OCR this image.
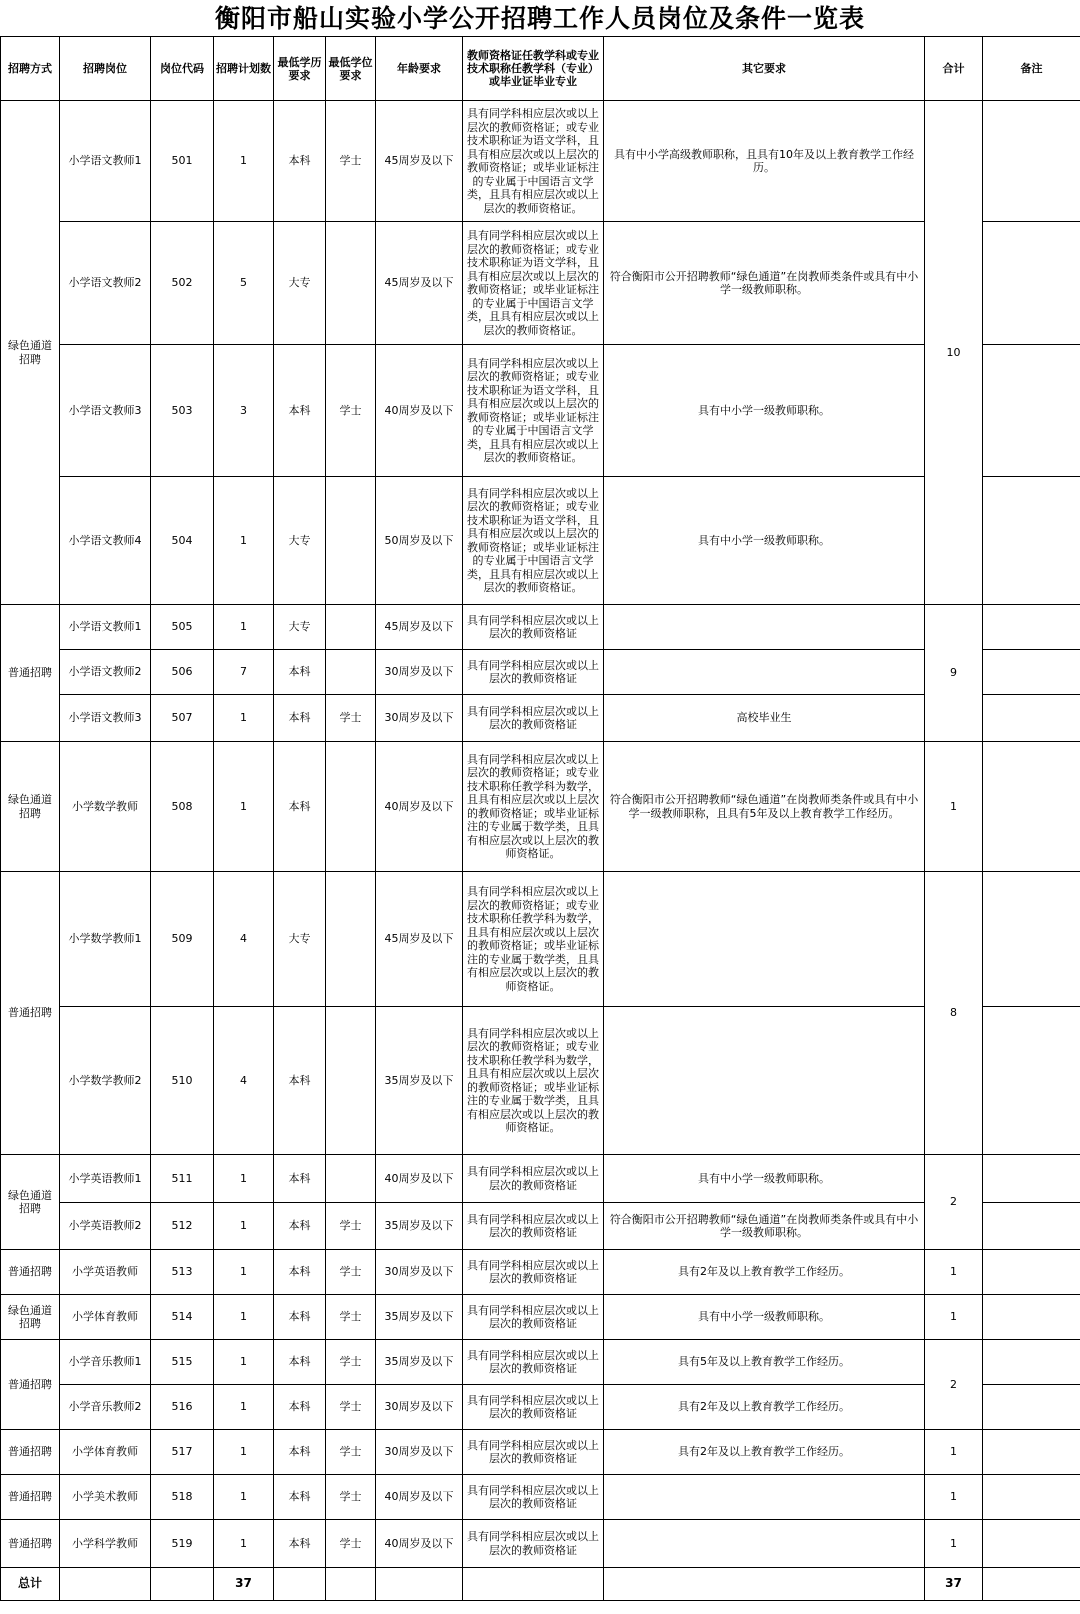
衡阳市船山实验小学公开招聘工作人员岗位及条件一览表
招聘方式	招聘岗位	岗位代码	招聘计划数	最低学历要求	最低学位要求	年龄要求	教师资格证任教学科或专业技术职称任教学科（专业）或毕业证毕业专业	其它要求	合计	备注
绿色通道招聘	小学语文教师1	501	1	本科	学士	45周岁及以下	具有同学科相应层次或以上层次的教师资格证；或专业技术职称证为语文学科，且具有相应层次或以上层次的教师资格证；或毕业证标注的专业属于中国语言文学类，且具有相应层次或以上层次的教师资格证。	具有中小学高级教师职称，且具有10年及以上教育教学工作经历。	10	
	小学语文教师2	502	5	大专		45周岁及以下	具有同学科相应层次或以上层次的教师资格证；或专业技术职称证为语文学科，且具有相应层次或以上层次的教师资格证；或毕业证标注的专业属于中国语言文学类，且具有相应层次或以上层次的教师资格证。	符合衡阳市公开招聘教师“绿色通道”在岗教师类条件或具有中小学一级教师职称。		
	小学语文教师3	503	3	本科	学士	40周岁及以下	具有同学科相应层次或以上层次的教师资格证；或专业技术职称证为语文学科，且具有相应层次或以上层次的教师资格证；或毕业证标注的专业属于中国语言文学类，且具有相应层次或以上层次的教师资格证。	具有中小学一级教师职称。		
	小学语文教师4	504	1	大专		50周岁及以下	具有同学科相应层次或以上层次的教师资格证；或专业技术职称证为语文学科，且具有相应层次或以上层次的教师资格证；或毕业证标注的专业属于中国语言文学类，且具有相应层次或以上层次的教师资格证。	具有中小学一级教师职称。		
普通招聘	小学语文教师1	505	1	大专		45周岁及以下	具有同学科相应层次或以上层次的教师资格证		9	
	小学语文教师2	506	7	本科		30周岁及以下	具有同学科相应层次或以上层次的教师资格证			
	小学语文教师3	507	1	本科	学士	30周岁及以下	具有同学科相应层次或以上层次的教师资格证	高校毕业生		
绿色通道招聘	小学数学教师	508	1	本科		40周岁及以下	具有同学科相应层次或以上层次的教师资格证；或专业技术职称任教学科为数学，且具有相应层次或以上层次的教师资格证；或毕业证标注的专业属于数学类，且具有相应层次或以上层次的教师资格证。	符合衡阳市公开招聘教师“绿色通道”在岗教师类条件或具有中小学一级教师职称，且具有5年及以上教育教学工作经历。	1	
普通招聘	小学数学教师1	509	4	大专		45周岁及以下	具有同学科相应层次或以上层次的教师资格证；或专业技术职称任教学科为数学，且具有相应层次或以上层次的教师资格证；或毕业证标注的专业属于数学类，且具有相应层次或以上层次的教师资格证。		8	
	小学数学教师2	510	4	本科		35周岁及以下	具有同学科相应层次或以上层次的教师资格证；或专业技术职称任教学科为数学，且具有相应层次或以上层次的教师资格证；或毕业证标注的专业属于数学类，且具有相应层次或以上层次的教师资格证。			
绿色通道招聘	小学英语教师1	511	1	本科		40周岁及以下	具有同学科相应层次或以上层次的教师资格证	具有中小学一级教师职称。	2	
	小学英语教师2	512	1	本科	学士	35周岁及以下	具有同学科相应层次或以上层次的教师资格证	符合衡阳市公开招聘教师“绿色通道”在岗教师类条件或具有中小学一级教师职称。		
普通招聘	小学英语教师	513	1	本科	学士	30周岁及以下	具有同学科相应层次或以上层次的教师资格证	具有2年及以上教育教学工作经历。	1	
绿色通道招聘	小学体育教师	514	1	本科	学士	35周岁及以下	具有同学科相应层次或以上层次的教师资格证	具有中小学一级教师职称。	1	
普通招聘	小学音乐教师1	515	1	本科	学士	35周岁及以下	具有同学科相应层次或以上层次的教师资格证	具有5年及以上教育教学工作经历。	2	
	小学音乐教师2	516	1	本科	学士	30周岁及以下	具有同学科相应层次或以上层次的教师资格证	具有2年及以上教育教学工作经历。		
普通招聘	小学体育教师	517	1	本科	学士	30周岁及以下	具有同学科相应层次或以上层次的教师资格证	具有2年及以上教育教学工作经历。	1	
普通招聘	小学美术教师	518	1	本科	学士	40周岁及以下	具有同学科相应层次或以上层次的教师资格证		1	
普通招聘	小学科学教师	519	1	本科	学士	40周岁及以下	具有同学科相应层次或以上层次的教师资格证		1	
总计			37						37	
